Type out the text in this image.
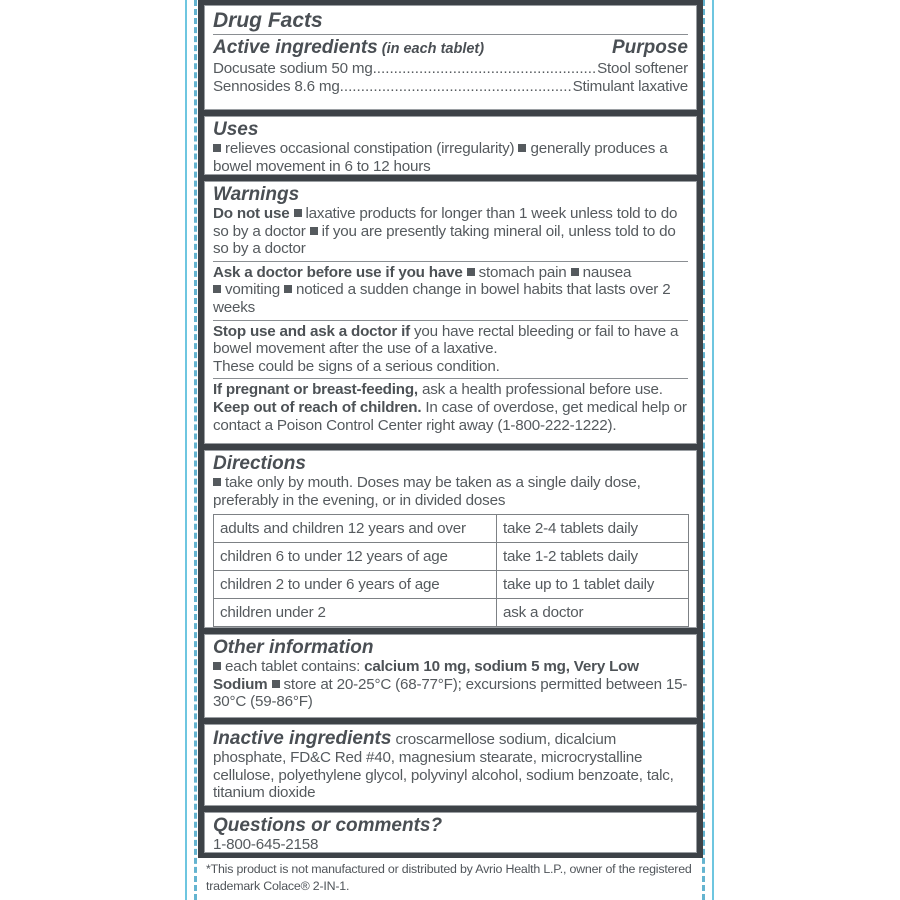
Drug Facts
Active ingredients (in each tablet)	Purpose
Docusate sodium 50 mg .....	Stool softener
Sennosides 8.6 mg .....	Stimulant laxative
Uses
relieves occasional constipation (irregularity) generally produces a bowel movement in 6 to 12 hours
Warnings
Do not use laxative products for longer than 1 week unless told to do so by a doctor if you are presently taking mineral oil, unless told to do so by a doctor
Ask a doctor before use if you have stomach pain nausea
vomiting noticed a sudden change in bowel habits that lasts over 2 weeks
Stop use and ask a doctor if you have rectal bleeding or fail to have a bowel movement after the use of a laxative.
These could be signs of a serious condition.
If pregnant or breast-feeding, ask a health professional before use.
Keep out of reach of children. In case of overdose, get medical help or contact a Poison Control Center right away (1-800-222-1222).
Directions
take only by mouth. Doses may be taken as a single daily dose, preferably in the evening, or in divided doses
adults and children 12 years and over	take 2-4 tablets daily
children 6 to under 12 years of age	take 1-2 tablets daily
children 2 to under 6 years of age	take up to 1 tablet daily
children under 2	ask a doctor
Other information
each tablet contains: calcium 10 mg, sodium 5 mg, Very Low Sodium store at 20-25°C (68-77°F); excursions permitted between 15-30°C (59-86°F)
Inactive ingredients croscarmellose sodium, dicalcium phosphate, FD&C Red #40, magnesium stearate, microcrystalline cellulose, polyethylene glycol, polyvinyl alcohol, sodium benzoate, talc, titanium dioxide
Questions or comments?
1-800-645-2158
*This product is not manufactured or distributed by Avrio Health L.P., owner of the registered trademark Colace® 2-IN-1.
